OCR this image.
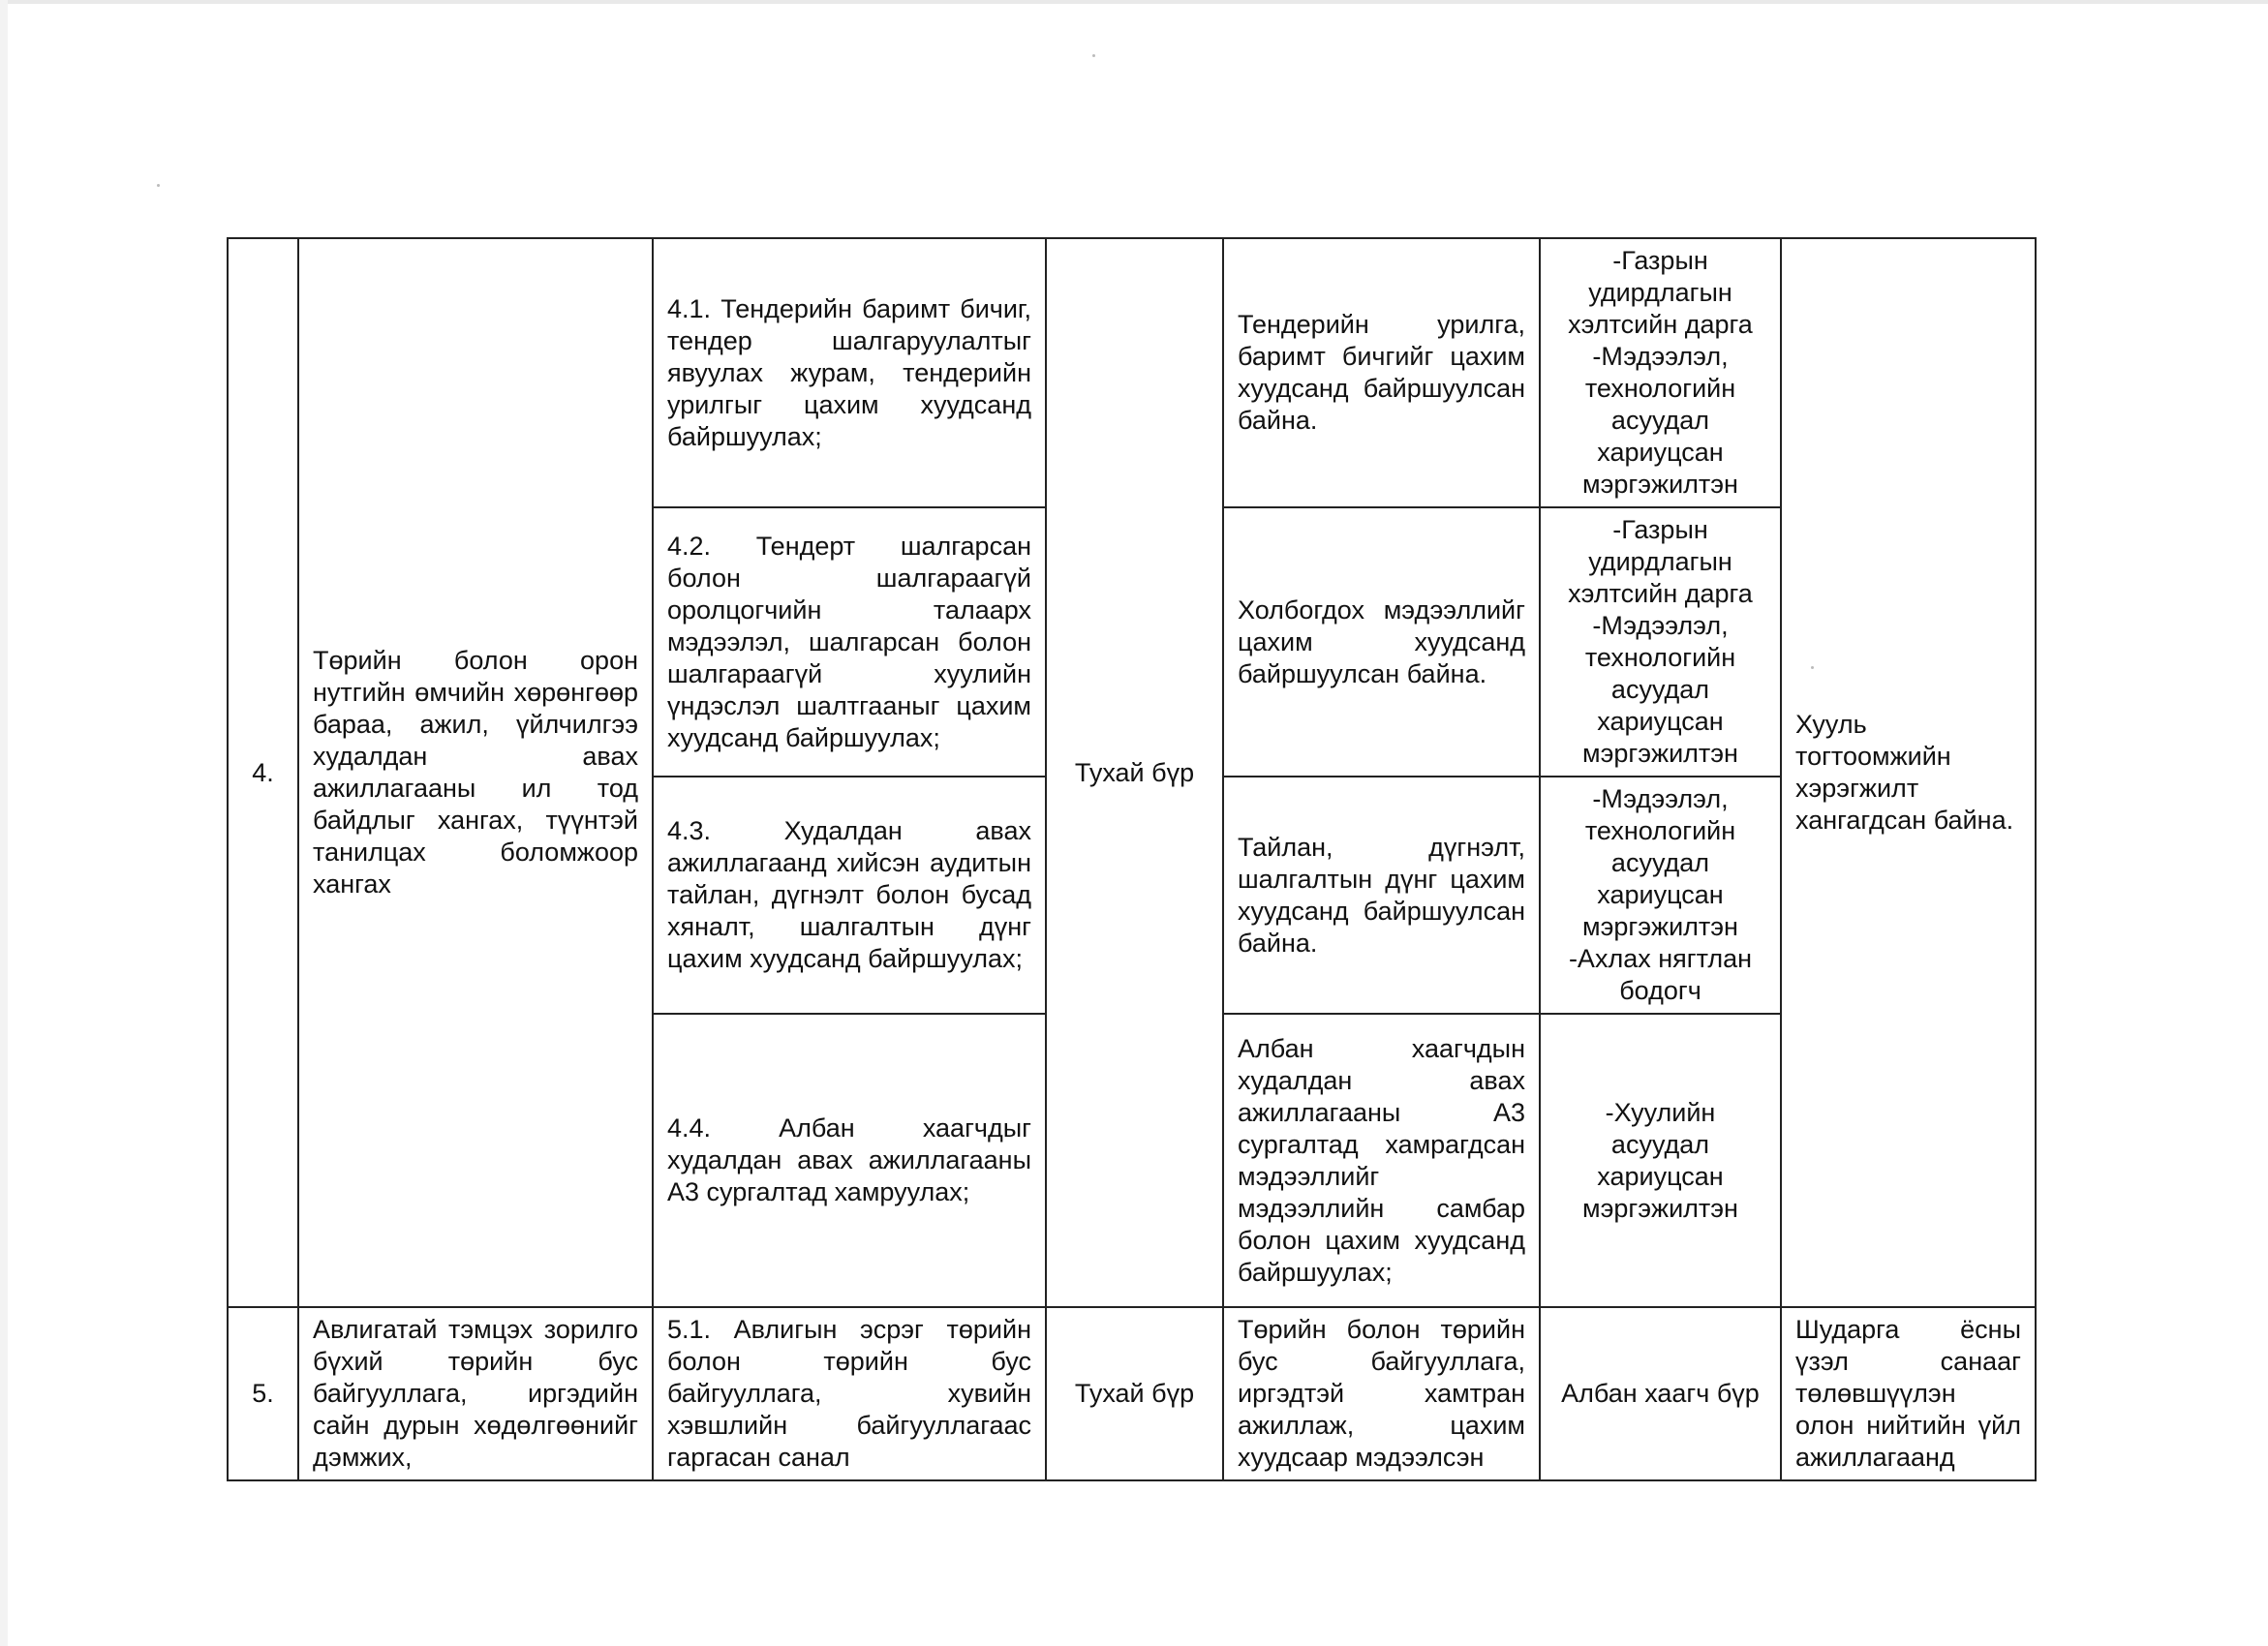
4.	Төрийн болон орон нутгийн өмчийн хөрөнгөөр бараа, ажил, үйлчилгээ худалдан авах ажиллагааны ил тод байдлыг хангах, түүнтэй танилцах боломжоор хангах	4.1. Тендерийн баримт бичиг, тендер шалгаруулалтыг явуулах журам, тендерийн урилгыг цахим хуудсанд байршуулах;	Тухай бүр	Тендерийн урилга, баримт бичгийг цахим хуудсанд байршуулсан байна.	-Газрын удирдлагын хэлтсийн дарга -Мэдээлэл, технологийн асуудал хариуцсан мэргэжилтэн	Хууль тогтоомжийн хэрэгжилт хангагдсан байна.
		4.2. Тендерт шалгарсан болон шалгараагүй оролцогчийн талаарх мэдээлэл, шалгарсан болон шалгараагүй хуулийн үндэслэл шалтгааныг цахим хуудсанд байршуулах;		Холбогдох мэдээллийг цахим хуудсанд байршуулсан байна.	-Газрын удирдлагын хэлтсийн дарга -Мэдээлэл, технологийн асуудал хариуцсан мэргэжилтэн	
		4.3. Худалдан авах ажиллагаанд хийсэн аудитын тайлан, дүгнэлт болон бусад хяналт, шалгалтын дүнг цахим хуудсанд байршуулах;		Тайлан, дүгнэлт, шалгалтын дүнг цахим хуудсанд байршуулсан байна.	-Мэдээлэл, технологийн асуудал хариуцсан мэргэжилтэн -Ахлах нягтлан бодогч	
		4.4. Албан хаагчдыг худалдан авах ажиллагааны А3 сургалтад хамруулах;		Албан хаагчдын худалдан авах ажиллагааны А3 сургалтад хамрагдсан мэдээллийг мэдээллийн самбар болон цахим хуудсанд байршуулах;	-Хуулийн асуудал хариуцсан мэргэжилтэн	
5.	Авлигатай тэмцэх зорилго бүхий төрийн бус байгууллага, иргэдийн сайн дурын хөдөлгөөнийг дэмжих,	5.1. Авлигын эсрэг төрийн болон төрийн бус байгууллага, хувийн хэвшлийн байгууллагаас гаргасан санал	Тухай бүр	Төрийн болон төрийн бус байгууллага, иргэдтэй хамтран ажиллаж, цахим хуудсаар мэдээлсэн	Албан хаагч бүр	Шударга ёсны үзэл санааг төлөвшүүлэн олон нийтийн үйл ажиллагаанд
